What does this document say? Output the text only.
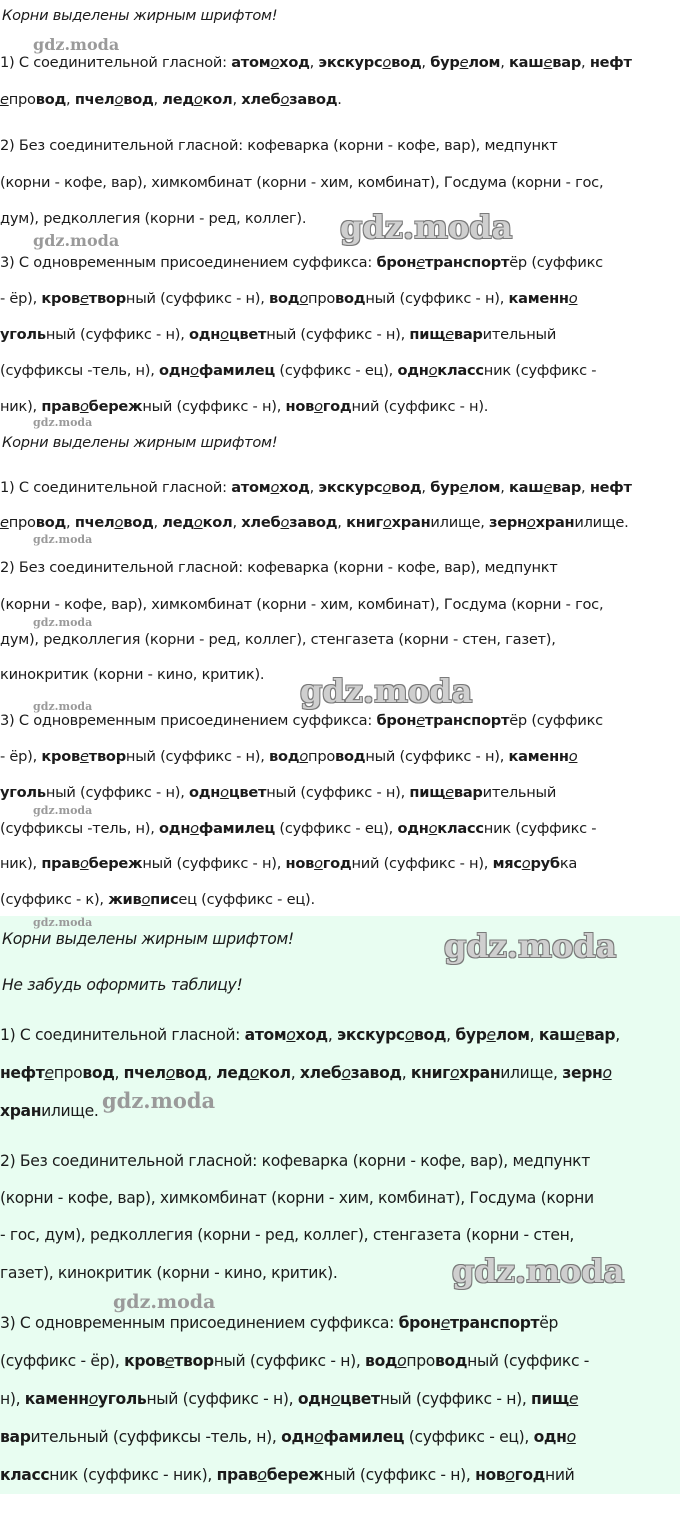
Корни выделены жирным шрифтом!
gdz.moda
1) С соединительной гласной: атомоход, экскурсовод, бурелом, кашевар, нефт
епровод, пчеловод, ледокол, хлебозавод.
2) Без соединительной гласной: кофеварка (корни - кофе, вар), медпункт
(корни - кофе, вар), химкомбинат (корни - хим, комбинат), Госдума (корни - гос,
дум), редколлегия (корни - ред, коллег). gdz.moda
gdz.moda
3) С одновременным присоединением суффикса: бронетранспортёр (суффикс
- ёр), кроветворный (суффикс - н), водопроводный (суффикс - н), каменно
угольный (суффикс - н), одноцветный (суффикс - н), пищеварительный
(суффиксы -тель, н), однофамилец (суффикс - ец), одноклассник (суффикс -
ник), правобережный (суффикс - н), новогодний (суффикс - н).
gdz.moda
Корни выделены жирным шрифтом!
1) С соединительной гласной: атомоход, экскурсовод, бурелом, кашевар, нефт
епровод, пчеловод, ледокол, хлебозавод, книгохранилище, зернохранилище.
gdz.moda
2) Без соединительной гласной: кофеварка (корни - кофе, вар), медпункт
(корни - кофе, вар), химкомбинат (корни - хим, комбинат), Госдума (корни - гос,
gdz.moda
дум), редколлегия (корни - ред, коллег), стенгазета (корни - стен, газет),
кинокритик (корни - кино, критик). gdz.moda
gdz.moda
3) С одновременным присоединением суффикса: бронетранспортёр (суффикс
- ёр), кроветворный (суффикс - н), водопроводный (суффикс - н), каменно
угольный (суффикс - н), одноцветный (суффикс - н), пищеварительный
gdz.moda
(суффиксы -тель, н), однофамилец (суффикс - ец), одноклассник (суффикс -
ник), правобережный (суффикс - н), новогодний (суффикс - н), мясорубка
(суффикс - к), живописец (суффикс - ец).
gdz.moda
Корни выделены жирным шрифтом!	gdz.moda
Не забудь оформить таблицу!
1) С соединительной гласной: атомоход, экскурсовод, бурелом, кашевар,
нефтепровод, пчеловод, ледокол, хлебозавод, книгохранилище, зерно
хранилище. gdz.moda
2) Без соединительной гласной: кофеварка (корни - кофе, вар), медпункт
(корни - кофе, вар), химкомбинат (корни - хим, комбинат), Госдума (корни
- гос, дум), редколлегия (корни - ред, коллег), стенгазета (корни - стен,
газет), кинокритик (корни - кино, критик).	gdz.moda
gdz.moda
3) С одновременным присоединением суффикса: бронетранспортёр
(суффикс - ёр), кроветворный (суффикс - н), водопроводный (суффикс -
н), каменноугольный (суффикс - н), одноцветный (суффикс - н), пище
варительный (суффиксы -тель, н), однофамилец (суффикс - ец), одно
классник (суффикс - ник), правобережный (суффикс - н), новогодний
